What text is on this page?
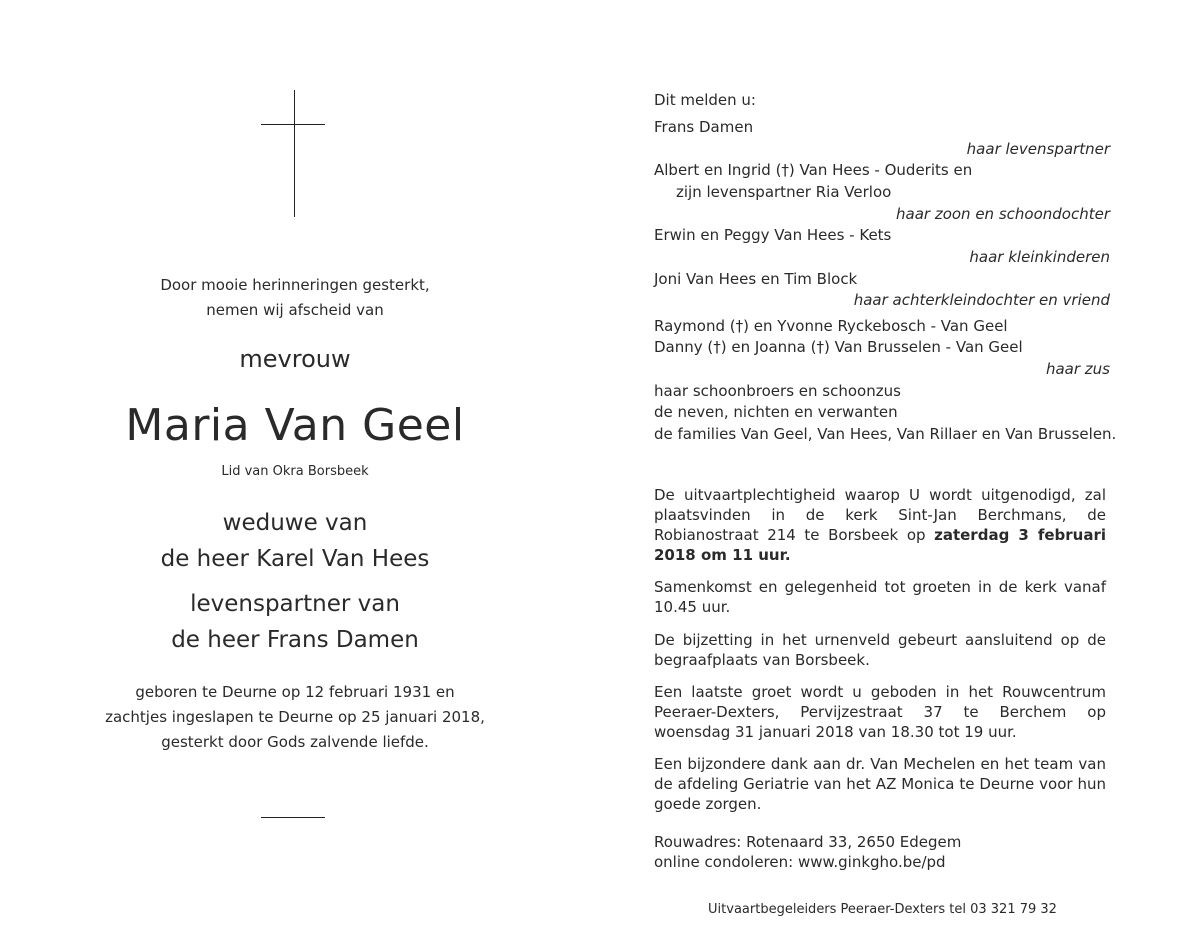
Door mooie herinneringen gesterkt,
nemen wij afscheid van
mevrouw
Maria Van Geel
Lid van Okra Borsbeek
weduwe van
de heer Karel Van Hees
levenspartner van
de heer Frans Damen
geboren te Deurne op 12 februari 1931 en
zachtjes ingeslapen te Deurne op 25 januari 2018,
gesterkt door Gods zalvende liefde.
Dit melden u:
Frans Damen
haar levenspartner
Albert en Ingrid (†) Van Hees - Ouderits en
zijn levenspartner Ria Verloo
haar zoon en schoondochter
Erwin en Peggy Van Hees - Kets
haar kleinkinderen
Joni Van Hees en Tim Block
haar achterkleindochter en vriend
Raymond (†) en Yvonne Ryckebosch - Van Geel
Danny (†) en Joanna (†) Van Brusselen - Van Geel
haar zus
haar schoonbroers en schoonzus
de neven, nichten en verwanten
de families Van Geel, Van Hees, Van Rillaer en Van Brusselen.
De uitvaartplechtigheid waarop U wordt uitgenodigd, zal plaatsvinden in de kerk Sint-Jan Berchmans, de Robianostraat 214 te Borsbeek op zaterdag 3 februari 2018 om 11 uur.
Samenkomst en gelegenheid tot groeten in de kerk vanaf 10.45 uur.
De bijzetting in het urnenveld gebeurt aansluitend op de begraafplaats van Borsbeek.
Een laatste groet wordt u geboden in het Rouwcentrum Peeraer-Dexters, Pervijzestraat 37 te Berchem op woensdag 31 januari 2018 van 18.30 tot 19 uur.
Een bijzondere dank aan dr. Van Mechelen en het team van de afdeling Geriatrie van het AZ Monica te Deurne voor hun goede zorgen.
Rouwadres: Rotenaard 33, 2650 Edegem
online condoleren: www.ginkgho.be/pd
Uitvaartbegeleiders Peeraer-Dexters tel 03 321 79 32
